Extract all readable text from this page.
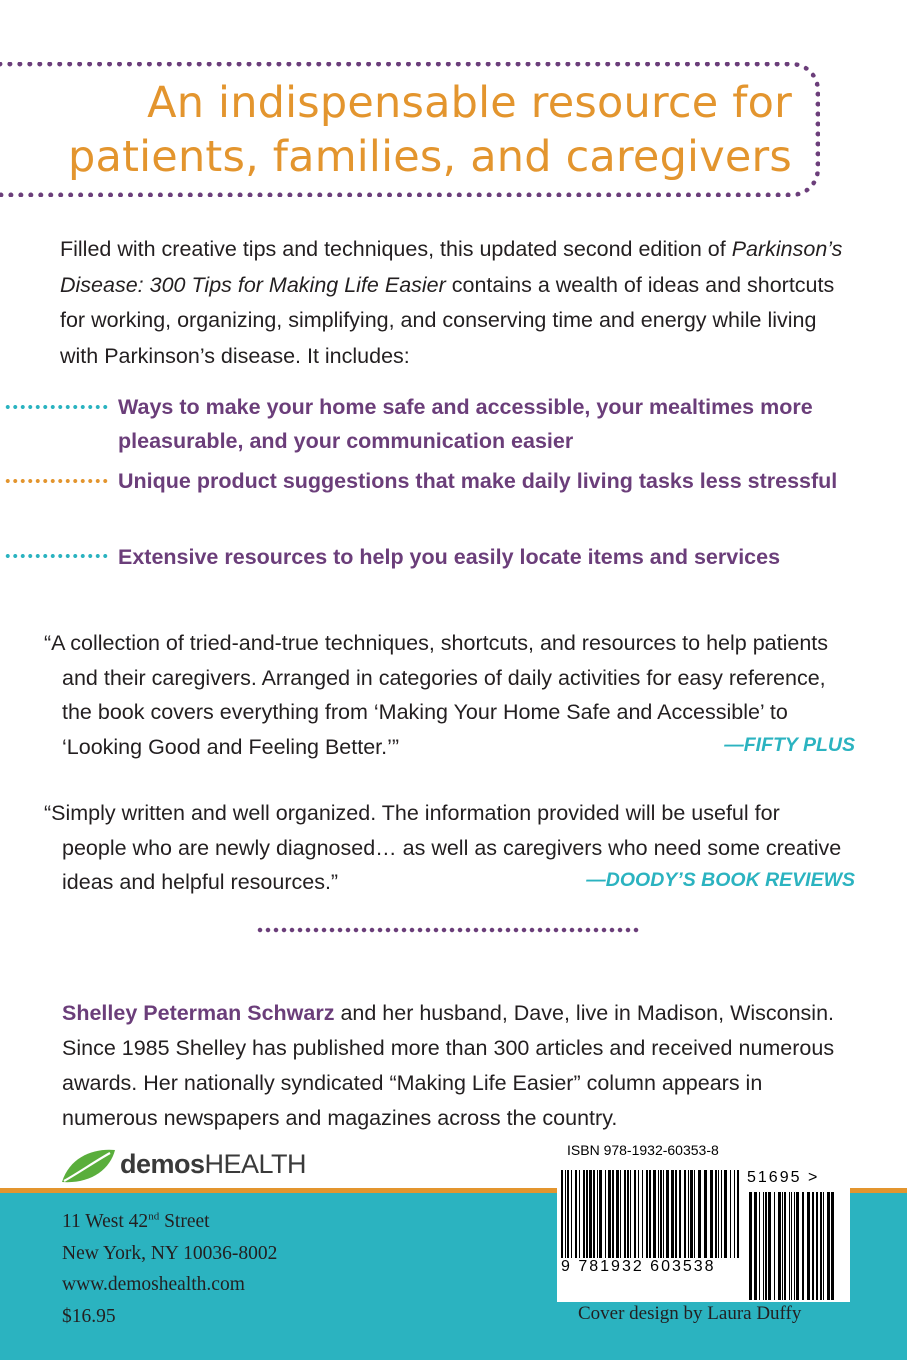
An indispensable resource for
patients, families, and caregivers
Filled with creative tips and techniques, this updated second edition of Parkinson’s Disease: 300 Tips for Making Life Easier contains a wealth of ideas and shortcuts for working, organizing, simplifying, and conserving time and energy while living with Parkinson’s disease. It includes:
Ways to make your home safe and accessible, your mealtimes more pleasurable, and your communication easier
Unique product suggestions that make daily living tasks less stressful
Extensive resources to help you easily locate items and services
“A collection of tried-and-true techniques, shortcuts, and resources to help patients
and their caregivers. Arranged in categories of daily activities for easy reference,
the book covers everything from ‘Making Your Home Safe and Accessible’ to
‘Looking Good and Feeling Better.’”	—FIFTY PLUS
“Simply written and well organized. The information provided will be useful for
people who are newly diagnosed… as well as caregivers who need some creative
ideas and helpful resources.”	—DOODY’S BOOK REVIEWS
Shelley Peterman Schwarz and her husband, Dave, live in Madison, Wisconsin. Since 1985 Shelley has published more than 300 articles and received numerous awards. Her nationally syndicated “Making Life Easier” column appears in numerous newspapers and magazines across the country.
demosHEALTH
11 West 42nd Street
New York, NY 10036-8002
www.demoshealth.com
$16.95
ISBN 978-1932-60353-8
9 781932 603538
51695 >
Cover design by Laura Duffy
